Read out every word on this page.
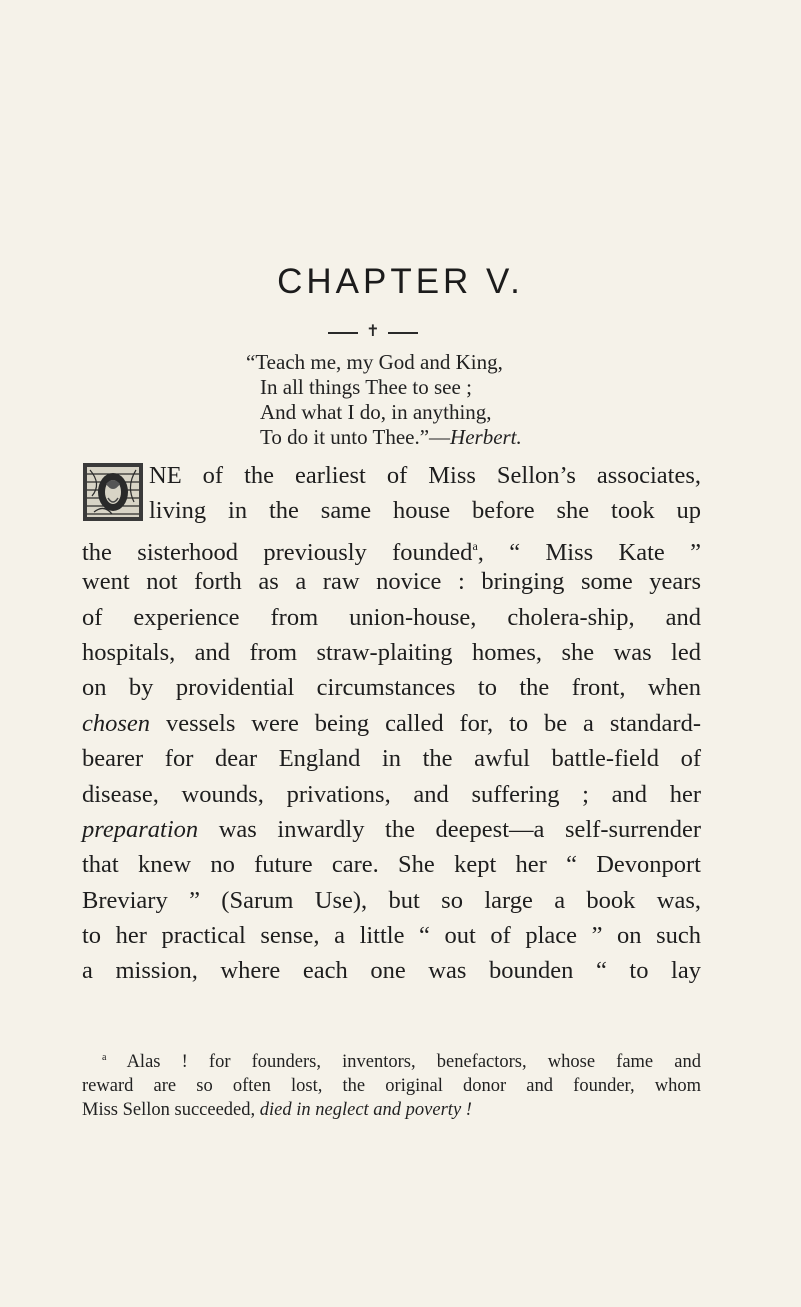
CHAPTER V.
✝
“Teach me, my God and King,
In all things Thee to see ;
And what I do, in anything,
To do it unto Thee.”—Herbert.
NE of the earliest of Miss Sellon’s associates,
living in the same house before she took up
the sisterhood previously founded$^a$, “ Miss Kate ”
went not forth as a raw novice : bringing some years
of experience from union-house, cholera-ship, and
hospitals, and from straw-plaiting homes, she was led
on by providential circumstances to the front, when
chosen vessels were being called for, to be a standard-
bearer for dear England in the awful battle-field of
disease, wounds, privations, and suffering ; and her
preparation was inwardly the deepest—a self-surrender
that knew no future care. She kept her “ Devonport
Breviary ” (Sarum Use), but so large a book was,
to her practical sense, a little “ out of place ” on such
a mission, where each one was bounden “ to lay
$^a$ Alas ! for founders, inventors, benefactors, whose fame and
reward are so often lost, the original donor and founder, whom
Miss Sellon succeeded, died in neglect and poverty !
